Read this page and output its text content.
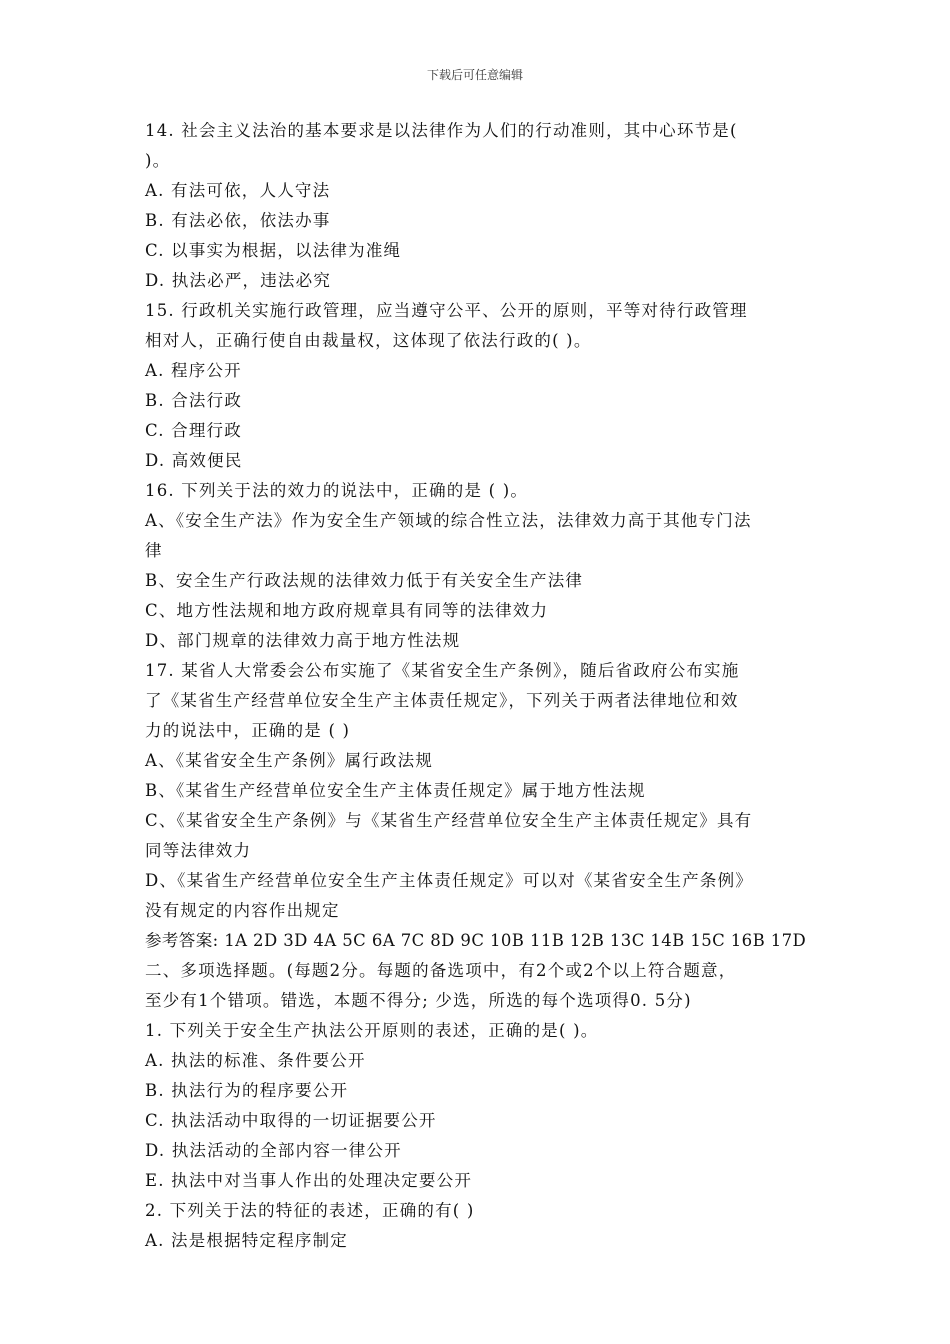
下载后可任意编辑
14. 社会主义法治的基本要求是以法律作为人们的行动准则，其中心环节是(
)。
A. 有法可依，人人守法
B. 有法必依，依法办事
C. 以事实为根据，以法律为准绳
D. 执法必严，违法必究
15. 行政机关实施行政管理，应当遵守公平、公开的原则，平等对待行政管理
相对人，正确行使自由裁量权，这体现了依法行政的( )。
A. 程序公开
B. 合法行政
C. 合理行政
D. 高效便民
16. 下列关于法的效力的说法中，正确的是 ( )。
A、《安全生产法》作为安全生产领域的综合性立法，法律效力高于其他专门法
律
B、安全生产行政法规的法律效力低于有关安全生产法律
C、地方性法规和地方政府规章具有同等的法律效力
D、部门规章的法律效力高于地方性法规
17. 某省人大常委会公布实施了《某省安全生产条例》，随后省政府公布实施
了《某省生产经营单位安全生产主体责任规定》，下列关于两者法律地位和效
力的说法中，正确的是 ( )
A、《某省安全生产条例》属行政法规
B、《某省生产经营单位安全生产主体责任规定》属于地方性法规
C、《某省安全生产条例》与《某省生产经营单位安全生产主体责任规定》具有
同等法律效力
D、《某省生产经营单位安全生产主体责任规定》可以对《某省安全生产条例》
没有规定的内容作出规定
参考答案: 1A 2D 3D 4A 5C 6A 7C 8D 9C 10B 11B 12B 13C 14B 15C 16B 17D
二、多项选择题。(每题2分。每题的备选项中，有2个或2个以上符合题意，
至少有1个错项。错选，本题不得分; 少选，所选的每个选项得0. 5分)
1. 下列关于安全生产执法公开原则的表述，正确的是( )。
A. 执法的标准、条件要公开
B. 执法行为的程序要公开
C. 执法活动中取得的一切证据要公开
D. 执法活动的全部内容一律公开
E. 执法中对当事人作出的处理决定要公开
2. 下列关于法的特征的表述，正确的有( )
A. 法是根据特定程序制定
